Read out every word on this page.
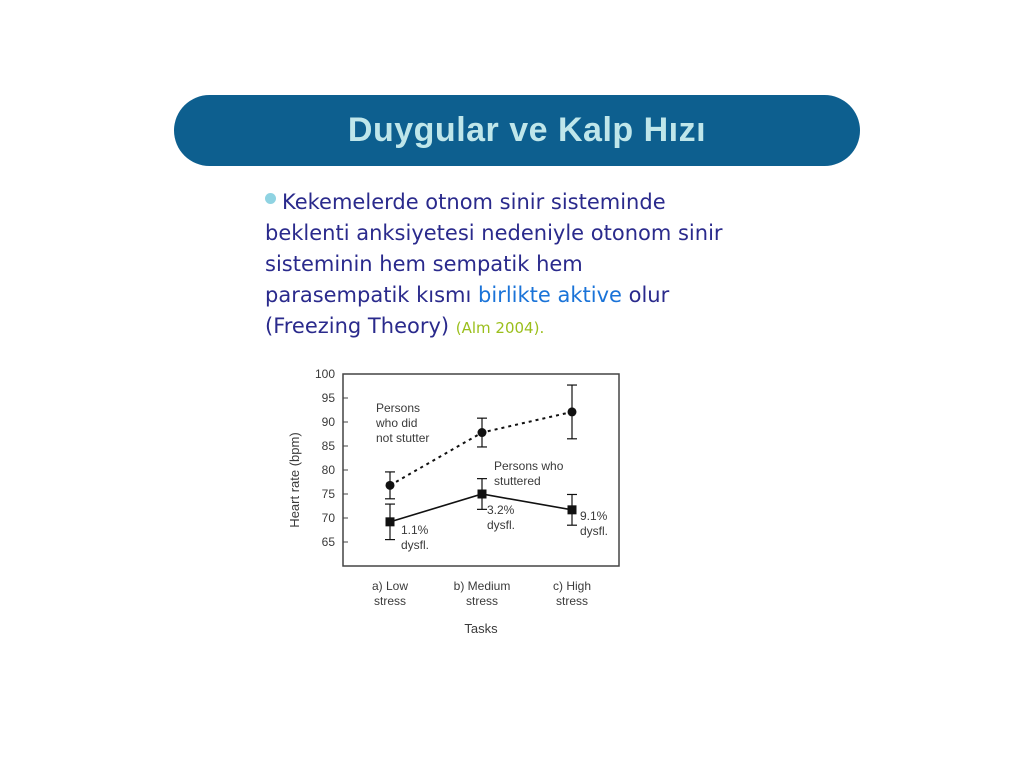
Duygular ve Kalp Hızı
Kekemelerde otnom sinir sisteminde beklenti anksiyetesi nedeniyle otonom sinir sisteminin hem sempatik hem parasempatik kısmı birlikte aktive olur (Freezing Theory) (Alm 2004).
65
70
75
80
85
90
95
100
Heart rate (bpm)
a) Low
stress
b) Medium
stress
c) High
stress
Tasks
Persons
who did
not stutter
Persons who
stuttered
1.1%
dysfl.
3.2%
dysfl.
9.1%
dysfl.
